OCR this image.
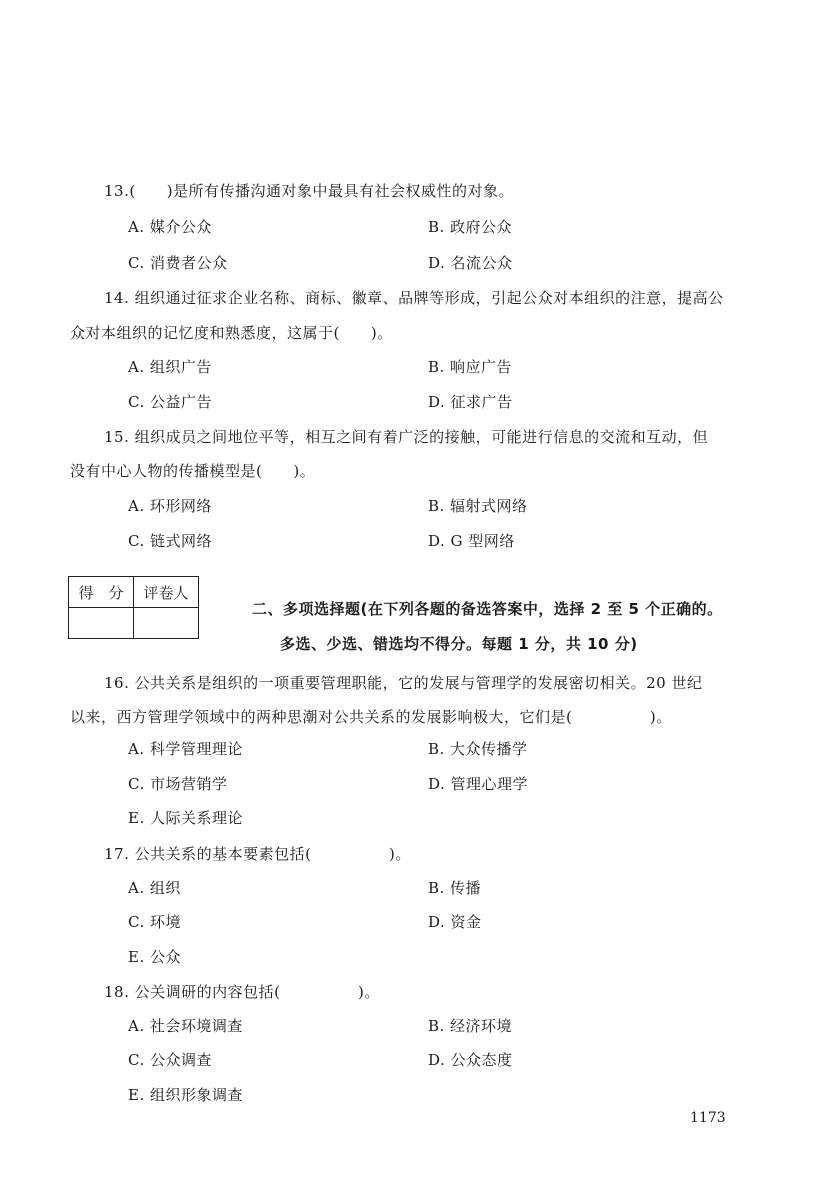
13.(　　)是所有传播沟通对象中最具有社会权威性的对象。
A. 媒介公众	B. 政府公众
C. 消费者公众	D. 名流公众
14. 组织通过征求企业名称、商标、徽章、品牌等形成，引起公众对本组织的注意，提高公
众对本组织的记忆度和熟悉度，这属于(　　)。
A. 组织广告	B. 响应广告
C. 公益广告	D. 征求广告
15. 组织成员之间地位平等，相互之间有着广泛的接触，可能进行信息的交流和互动，但
没有中心人物的传播模型是(　　)。
A. 环形网络	B. 辐射式网络
C. 链式网络	D. G 型网络
得　分	评卷人

二、多项选择题(在下列各题的备选答案中，选择 2 至 5 个正确的。
多选、少选、错选均不得分。每题 1 分，共 10 分)
16. 公共关系是组织的一项重要管理职能，它的发展与管理学的发展密切相关。20 世纪
以来，西方管理学领域中的两种思潮对公共关系的发展影响极大，它们是(　　　　　)。
A. 科学管理理论	B. 大众传播学
C. 市场营销学	D. 管理心理学
E. 人际关系理论
17. 公共关系的基本要素包括(　　　　　)。
A. 组织	B. 传播
C. 环境	D. 资金
E. 公众
18. 公关调研的内容包括(　　　　　)。
A. 社会环境调查	B. 经济环境
C. 公众调查	D. 公众态度
E. 组织形象调查
1173
